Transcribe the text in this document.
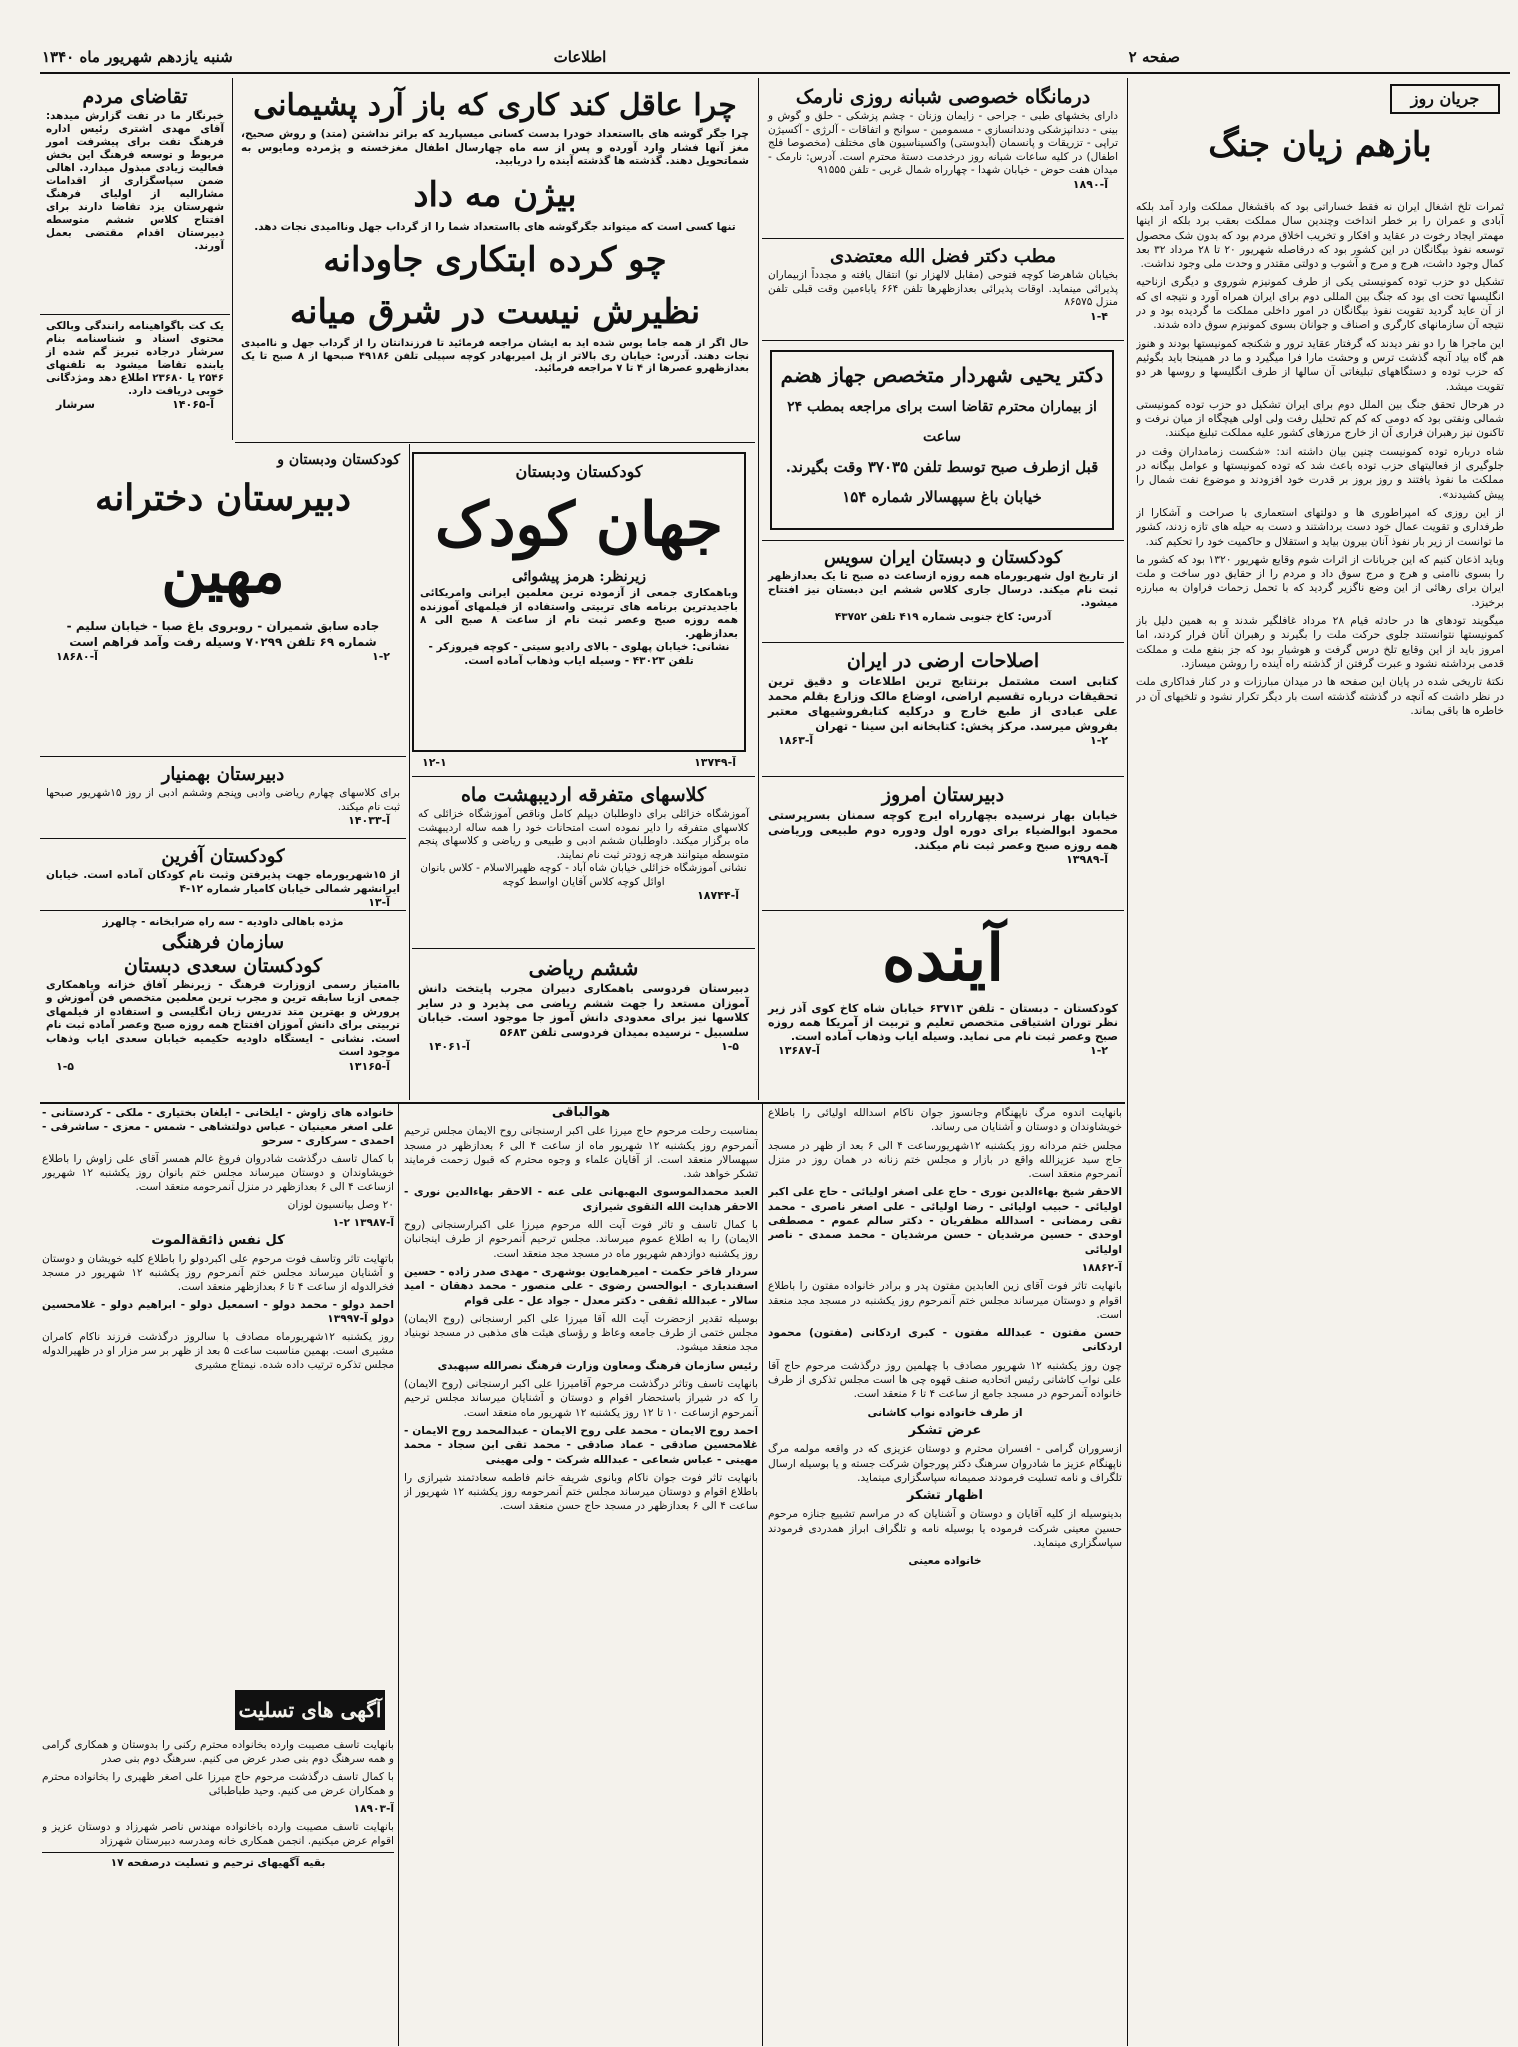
شنبه یازدهم شهریور ماه ۱۳۴۰	اطلاعات	صفحه ۲
جریان روز
بازهم زیان جنگ

ثمرات تلخ اشغال ایران نه فقط خساراتی بود که باقشغال مملکت وارد آمد بلکه آبادی و عمران را بر خطر انداخت وچندین سال مملکت بعقب برد بلکه از اینها مهمتر ایجاد رخوت در عقاید و افکار و تخریب اخلاق مردم بود که بدون شک محصول توسعه نفوذ بیگانگان در این کشور بود که درفاصله شهریور ۲۰ تا ۲۸ مرداد ۳۲ بعد کمال وجود داشت، هرج و مرج و آشوب و دولتی مقتدر و وحدت ملی وجود نداشت.

تشکیل دو حزب توده کمونیستی یکی از طرف کمونیزم شوروی و دیگری ازناحیه انگلیسها تحت ای بود که جنگ بین المللی دوم برای ایران همراه آورد و نتیجه ای که از آن عاید گردید تقویت نفوذ بیگانگان در امور داخلی مملکت ما گردیده بود و در نتیجه آن سازمانهای کارگری و اصناف و جوانان بسوی کمونیزم سوق داده شدند.

این ماجرا ها را دو نفر دیدند که گرفتار عقاید ترور و شکنجه کمونیستها بودند و هنوز هم گاه بیاد آنچه گذشت ترس و وحشت مارا فرا میگیرد و ما در همینجا باید بگوئیم که حزب توده و دستگاههای تبلیغاتی آن سالها از طرف انگلیسها و روسها هر دو تقویت میشد.

در هرحال تحقق جنگ بین الملل دوم برای ایران تشکیل دو حزب توده کمونیستی شمالی ونفتی بود که دومی که کم کم تحلیل رفت ولی اولی هیچگاه از میان نرفت و تاکنون نیز رهبران فراری آن از خارج مرزهای کشور علیه مملکت تبلیغ میکنند.

شاه درباره توده کمونیست چنین بیان داشته اند: «شکست زمامداران وقت در جلوگیری از فعالیتهای حزب توده باعث شد که توده کمونیستها و عوامل بیگانه در مملکت ما نفوذ یافتند و روز بروز بر قدرت خود افزودند و موضوع نفت شمال را پیش کشیدند».

از این روزی که امپراطوری ها و دولتهای استعماری با صراحت و آشکارا از طرفداری و تقویت عمال خود دست برداشتند و دست به حیله های تازه زدند، کشور ما توانست از زیر بار نفوذ آنان بیرون بیاید و استقلال و حاکمیت خود را تحکیم کند.

وباید اذعان کنیم که این جریانات از اثرات شوم وقایع شهریور ۱۳۲۰ بود که کشور ما را بسوی ناامنی و هرج و مرج سوق داد و مردم را از حقایق دور ساخت و ملت ایران برای رهائی از این وضع ناگزیر گردید که با تحمل زحمات فراوان به مبارزه برخیزد.

میگویند تودهای ها در حادثه قیام ۲۸ مرداد غافلگیر شدند و به همین دلیل باز کمونیستها نتوانستند جلوی حرکت ملت را بگیرند و رهبران آنان فرار کردند، اما امروز باید از این وقایع تلخ درس گرفت و هوشیار بود که جز بنفع ملت و مملکت قدمی برداشته نشود و عبرت گرفتن از گذشته راه آینده را روشن میسازد.

نکتهٔ تاریخی شده در پایان این صفحه ها در میدان مبارزات و در کنار فداکاری ملت در نظر داشت که آنچه در گذشته گذشته است بار دیگر تکرار نشود و تلخیهای آن در خاطره ها باقی بماند.

درمانگاه خصوصی شبانه روزی نارمک
دارای بخشهای طبی - جراحی - زایمان وزنان - چشم پزشکی - حلق و گوش و بینی - دندانپزشکی ودندانسازی - مسمومین - سوانح و اتفاقات - آلرژی - آکسیژن تراپی - تزریقات و پانسمان (آبدوستی) واکسیناسیون های مختلف (مخصوصا فلج اطفال) در کلیه ساعات شبانه روز درخدمت دستهٔ محترم است. آدرس: نارمک - میدان هفت حوض - خیابان شهدا - چهارراه شمال غربی - تلفن ۹۱۵۵۵
آ-۱۸۹۰
مطب دکتر فضل الله معتضدی
بخیابان شاهرضا کوچه فتوحی (مقابل لالهزار نو) انتقال یافته و مجدداً ازبیماران پذیرائی مینماید. اوقات پذیرائی بعدازظهرها تلفن ۶۶۴ یاباءمین وقت قبلی تلفن منزل ۸۶۵۷۵
۱-۴
دکتر یحیی شهردار متخصص جهاز هضم
از بیماران محترم تقاضا است برای مراجعه بمطب ۲۴ ساعت
قبل ازطرف صبح توسط تلفن ۳۷۰۳۵ وقت بگیرند.
خیابان باغ سپهسالار شماره ۱۵۴
کودکستان و دبستان ایران سویس
از تاریخ اول شهریورماه همه روزه ازساعت ده صبح تا یک بعدازظهر ثبت نام میکند. درسال جاری کلاس ششم این دبستان نیز افتتاح میشود.
آدرس: کاخ جنوبی شماره ۴۱۹ تلفن ۴۳۷۵۲
اصلاحات ارضی در ایران
کتابی است مشتمل برنتایج ترین اطلاعات و دقیق ترین تحقیقات درباره تقسیم اراضی، اوضاع مالک وزارع بقلم محمد علی عبادی از طبع خارج و درکلیه کتابفروشیهای معتبر بفروش میرسد. مرکز پخش: کتابخانه ابن سینا - تهران
۱-۲
آ-۱۸۶۳
دبیرستان امروز
خیابان بهار نرسیده بچهارراه ایرج کوچه سمنان بسرپرستی محمود ابوالضیاء برای دوره اول ودوره دوم طبیعی وریاضی همه روزه صبح وعصر ثبت نام میکند.
آ-۱۳۹۸۹
آینده
کودکستان - دبستان - تلفن ۶۳۷۱۳ خیابان شاه کاخ کوی آذر زیر نظر توران اشتیاقی متخصص تعلیم و تربیت از آمریکا همه روزه صبح وعصر ثبت نام می نماید. وسیله ایاب وذهاب آماده است.
۱-۲
آ-۱۳۶۸۷
چرا عاقل کند کاری که باز آرد پشیمانی
چرا جگر گوشه های بااستعداد خودرا بدست کسانی میسپارید که براثر نداشتن (متد) و روش صحیح، مغز آنها فشار وارد آورده و پس از سه ماه چهارسال اطفال مغزخسته و پژمرده ومایوس به شماتحویل دهند. گذشته ها گذشته آینده را دریابید.
بیژن مه داد
تنها کسی است که میتواند جگرگوشه های بااستعداد شما را از گرداب جهل وناامیدی نجات دهد.
چو کرده ابتکاری جاودانه
نظیرش نیست در شرق میانه
حال اگر از همه جاما یوس شده اید به ایشان مراجعه فرمائید تا فرزندانتان را از گرداب جهل و ناامیدی نجات دهند. آدرس: خیابان ری بالاتر از پل امیربهادر کوچه سپیلی تلفن ۴۹۱۸۶ صبحها از ۸ صبح تا یک بعدازظهرو عصرها از ۴ تا ۷ مراجعه فرمائید.
کودکستان ودبستان
جهان کودک
زیرنظر: هرمز پیشوائی
وباهمکاری جمعی از آزموده ترین معلمین ایرانی وامریکائی باجدیدترین برنامه های تربیتی واستفاده از فیلمهای آموزنده همه روزه صبح وعصر ثبت نام از ساعت ۸ صبح الی ۸ بعدازظهر.
نشانی: خیابان پهلوی - بالای رادیو سیتی - کوچه فیروزکر - تلفن ۴۳۰۲۳ - وسیله ایاب وذهاب آماده است.
آ-۱۳۷۴۹
۱۲-۱
کلاسهای متفرقه اردیبهشت ماه
آموزشگاه خزائلی برای داوطلبان دیپلم کامل وناقص آموزشگاه خزائلی که کلاسهای متفرقه را دایر نموده است امتحانات خود را همه ساله اردیبهشت ماه برگزار میکند. داوطلبان ششم ادبی و طبیعی و ریاضی و کلاسهای پنجم متوسطه میتوانند هرچه زودتر ثبت نام نمایند.
نشانی آموزشگاه خزائلی خیابان شاه آباد - کوچه ظهیرالاسلام - کلاس بانوان اوائل کوچه کلاس آقایان اواسط کوچه
آ-۱۸۷۴۴
ششم ریاضی
دبیرستان فردوسی باهمکاری دبیران مجرب پایتخت دانش آموزان مستعد را جهت ششم ریاضی می پذیرد و در سایر کلاسها نیز برای معدودی دانش آموز جا موجود است. خیابان سلسبیل - نرسیده بمیدان فردوسی تلفن ۵۶۸۳
۱-۵
آ-۱۴۰۶۱
تقاضای مردم
خبرنگار ما در تفت گزارش میدهد: آقای مهدی اشتری رئیس اداره فرهنگ تفت برای پیشرفت امور مربوط و توسعه فرهنگ این بخش فعالیت زیادی مبذول میدارد. اهالی ضمن سپاسگزاری از اقدامات مشارالیه از اولیای فرهنگ شهرستان یزد تقاضا دارند برای افتتاح کلاس ششم متوسطه دبیرستان اقدام مقتضی بعمل آورند.
یک کت باگواهینامه رانندگی وبالکی محتوی اسناد و شناسنامه بنام سرشار درجاده تبریز گم شده از یابنده تقاضا میشود به تلفنهای ۲۵۴۶ یا ۲۳۶۸۰ اطلاع دهد ومژدگانی خوبی دریافت دارد.
آ-۱۴۰۶۵
سرشار
کودکستان ودبستان و
دبیرستان دخترانه
مهین
جاده سابق شمیران - روبروی باغ صبا - خیابان سلیم - شماره ۶۹ تلفن ۷۰۲۹۹ وسیله رفت وآمد فراهم است
۱-۲
آ-۱۸۶۸۰
دبیرستان بهمنیار
برای کلاسهای چهارم ریاضی وادبی وپنجم وششم ادبی از روز ۱۵شهریور صبحها ثبت نام میکند.
آ-۱۴۰۳۳
کودکستان آفرین
از ۱۵شهریورماه جهت پذیرفتن وثبت نام کودکان آماده است. خیابان ایرانشهر شمالی خیابان کامیار شماره ۱۲-۴
آ-۱۳
مژده باهالی داودیه - سه راه ضرابخانه - چالهرز
سازمان فرهنگی
کودکستان سعدی دبستان
باامتیاز رسمی ازوزارت فرهنگ - زیرنظر آفاق خزانه وباهمکاری جمعی ازبا سابقه ترین و مجرب ترین معلمین متخصص فن آموزش و پرورش و بهترین متد تدریس زبان انگلیسی و استفاده از فیلمهای تربیتی برای دانش آموزان افتتاح همه روزه صبح وعصر آماده ثبت نام است. نشانی - ایستگاه داودیه حکیمیه خیابان سعدی ایاب وذهاب موجود است
آ-۱۳۱۶۵
۱-۵

خانواده های زاوش - ایلخانی - ایلغان بختیاری - ملکی - کردستانی - علی اصغر معینیان - عباس دولتشاهی - شمس - معزی - ساشرفی - احمدی - سرکاری - سرحو

با کمال تاسف درگذشت شادروان فروغ عالم همسر آقای علی زاوش را باطلاع خویشاوندان و دوستان میرساند مجلس ختم بانوان روز یکشنبه ۱۲ شهریور ازساعت ۴ الی ۶ بعدازظهر در منزل آنمرحومه منعقد است.

۲۰ وصل بیانسیون لوزان

آ-۱۳۹۸۷ ۲-۱

کل نفس ذائقةالموت

باتهایت تاثر وتاسف فوت مرحوم علی اکبردولو را باطلاع کلیه خویشان و دوستان و آشنایان میرساند مجلس ختم آنمرحوم روز یکشنبه ۱۲ شهریور در مسجد فخرالدوله از ساعت ۴ تا ۶ بعدازظهر منعقد است.

احمد دولو - محمد دولو - اسمعیل دولو - ابراهیم دولو - غلامحسین دولو آ-۱۳۹۹۷

روز یکشنبه ۱۲شهریورماه مصادف با سالروز درگذشت فرزند ناکام کامران مشیری است. بهمین مناسبت ساعت ۵ بعد از ظهر بر سر مزار او در ظهیرالدوله مجلس تذکره ترتیب داده شده. نیمتاج مشیری

آگهی های تسلیت

بانهایت تاسف مصیبت وارده بخانواده محترم رکنی را بدوستان و همکاری گرامی و همه سرهنگ دوم بنی صدر عرض می کنیم. سرهنگ دوم بنی صدر

با کمال تاسف درگذشت مرحوم حاج میرزا علی اصغر ظهیری را بخانواده محترم و همکاران عرض می کنیم. وحید طباطبائی

آ-۱۸۹۰۳

بانهایت تاسف مصیبت وارده باخانواده مهندس ناصر شهرزاد و دوستان عزیز و اقوام عرض میکنیم. انجمن همکاری خانه ومدرسه دبیرستان شهرزاد

بقیه آگهیهای ترحیم و تسلیت درصفحه ۱۷

هوالباقی

بمناسبت رحلت مرحوم حاج میرزا علی اکبر ارسنجانی روح الایمان مجلس ترحیم آنمرحوم روز یکشنبه ۱۲ شهریور ماه از ساعت ۴ الی ۶ بعدازظهر در مسجد سپهسالار منعقد است. از آقایان علماء و وجوه محترم که قبول زحمت فرمایند تشکر خواهد شد.

العبد محمدالموسوی البهبهانی علی عنه - الاحقر بهاءالدین نوری - الاحقر هدایت الله التقوی شیرازی

با کمال تاسف و تاثر فوت آیت الله مرحوم میرزا علی اکبرارسنجانی (روح الایمان) را به اطلاع عموم میرساند. مجلس ترحیم آنمرحوم از طرف اینجانبان روز یکشنبه دوازدهم شهریور ماه در مسجد مجد منعقد است.

سردار فاخر حکمت - امیرهمایون بوشهری - مهدی صدر زاده - حسین اسفندیاری - ابوالحسن رضوی - علی منصور - محمد دهقان - امید سالار - عبدالله ثقفی - دکتر معدل - جواد عل - علی قوام

بوسیله تقدیر ازحضرت آیت الله آقا میرزا علی اکبر ارسنجانی (روح الایمان) مجلس ختمی از طرف جامعه وعاظ و رؤسای هیئت های مذهبی در مسجد نوبنیاد مجد منعقد میشود.

رئیس سازمان فرهنگ ومعاون وزارت فرهنگ نصرالله سپهبدی

بانهایت تاسف وتاثر درگذشت مرحوم آقامیرزا علی اکبر ارسنجانی (روح الایمان) را که در شیراز باستحضار اقوام و دوستان و آشنایان میرساند مجلس ترحیم آنمرحوم ازساعت ۱۰ تا ۱۲ روز یکشنبه ۱۲ شهریور ماه منعقد است.

احمد روح الایمان - محمد علی روح الایمان - عبدالمحمد روح الایمان - غلامحسین صادقی - عماد صادقی - محمد تقی ابن سجاد - محمد مهینی - عباس شعاعی - عبدالله شرکت - ولی مهینی

بانهایت تاثر فوت جوان ناکام وبانوی شریفه خانم فاطمه سعادتمند شیرازی را باطلاع اقوام و دوستان میرساند مجلس ختم آنمرحومه روز یکشنبه ۱۲ شهریور از ساعت ۴ الی ۶ بعدازظهر در مسجد حاج حسن منعقد است.

بانهایت اندوه مرگ ناپهنگام وجانسوز جوان ناکام اسدالله اولیائی را باطلاع خویشاوندان و دوستان و آشنایان می رساند.

مجلس ختم مردانه روز یکشنبه ۱۲شهریورساعت ۴ الی ۶ بعد از ظهر در مسجد حاج سید عزیزالله واقع در بازار و مجلس ختم زنانه در همان روز در منزل آنمرحوم منعقد است.

الاحقر شیخ بهاءالدین نوری - حاج علی اصغر اولیائی - حاج علی اکبر اولیائی - حبیب اولیائی - رضا اولیائی - علی اصغر ناصری - محمد تقی رمضانی - اسدالله مظفریان - دکتر سالم عموم - مصطفی اوحدی - حسین مرشدیان - حسن مرشدیان - محمد صمدی - ناصر اولیائی

آ-۱۸۸۶۲

بانهایت تاثر فوت آقای زین العابدین مفتون پدر و برادر خانواده مفتون را باطلاع اقوام و دوستان میرساند مجلس ختم آنمرحوم روز یکشنبه در مسجد مجد منعقد است.

حسن مفتون - عبدالله مفتون - کبری اردکانی (مفتون) محمود اردکانی

چون روز یکشنبه ۱۲ شهریور مصادف با چهلمین روز درگذشت مرحوم حاج آقا علی نواب کاشانی رئیس اتحادیه صنف قهوه چی ها است مجلس تذکری از طرف خانواده آنمرحوم در مسجد جامع از ساعت ۴ تا ۶ منعقد است.

از طرف خانواده نواب کاشانی

عرض تشکر

ازسروران گرامی - افسران محترم و دوستان عزیزی که در واقعه مولمه مرگ ناپهنگام عزیز ما شادروان سرهنگ دکتر پورجوان شرکت جسته و یا بوسیله ارسال تلگراف و نامه تسلیت فرمودند صمیمانه سپاسگزاری مینماید.

اظهار تشکر

بدینوسیله از کلیه آقایان و دوستان و آشنایان که در مراسم تشییع جنازه مرحوم حسین معینی شرکت فرموده یا بوسیله نامه و تلگراف ابراز همدردی فرمودند سپاسگزاری مینماید.

خانواده معینی
